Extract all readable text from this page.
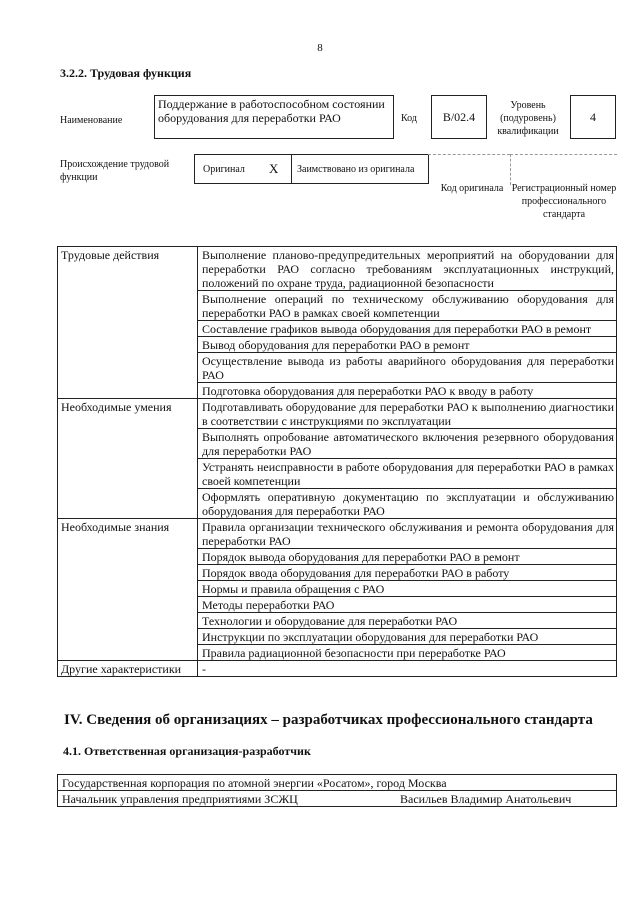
8
3.2.2. Трудовая функция
Наименование
Поддержание в работоспособном состоянии оборудования для переработки РАО	Код В/02.4
Уровень (подуровень) квалификации
4
Происхождение трудовой функции
Оригинал X Заимствовано из оригинала
Код оригинала Регистрационный номер профессионального стандарта
Трудовые действия	Выполнение планово-предупредительных мероприятий на оборудовании для переработки РАО согласно требованиям эксплуатационных инструкций, положений по охране труда, радиационной безопасности
	Выполнение операций по техническому обслуживанию оборудования для переработки РАО в рамках своей компетенции
	Составление графиков вывода оборудования для переработки РАО в ремонт
	Вывод оборудования для переработки РАО в ремонт
	Осуществление вывода из работы аварийного оборудования для переработки РАО
	Подготовка оборудования для переработки РАО к вводу в работу
Необходимые умения	Подготавливать оборудование для переработки РАО к выполнению диагностики в соответствии с инструкциями по эксплуатации
	Выполнять опробование автоматического включения резервного оборудования для переработки РАО
	Устранять неисправности в работе оборудования для переработки РАО в рамках своей компетенции
	Оформлять оперативную документацию по эксплуатации и обслуживанию оборудования для переработки РАО
Необходимые знания	Правила организации технического обслуживания и ремонта оборудования для переработки РАО
	Порядок вывода оборудования для переработки РАО в ремонт
	Порядок ввода оборудования для переработки РАО в работу
	Нормы и правила обращения с РАО
	Методы переработки РАО
	Технологии и оборудование для переработки РАО
	Инструкции по эксплуатации оборудования для переработки РАО
	Правила радиационной безопасности при переработке РАО
Другие характеристики	-
IV. Сведения об организациях – разработчиках профессионального стандарта
4.1. Ответственная организация-разработчик
Государственная корпорация по атомной энергии «Росатом», город Москва
Начальник управления предприятиями ЗСЖЦ	Васильев Владимир Анатольевич
